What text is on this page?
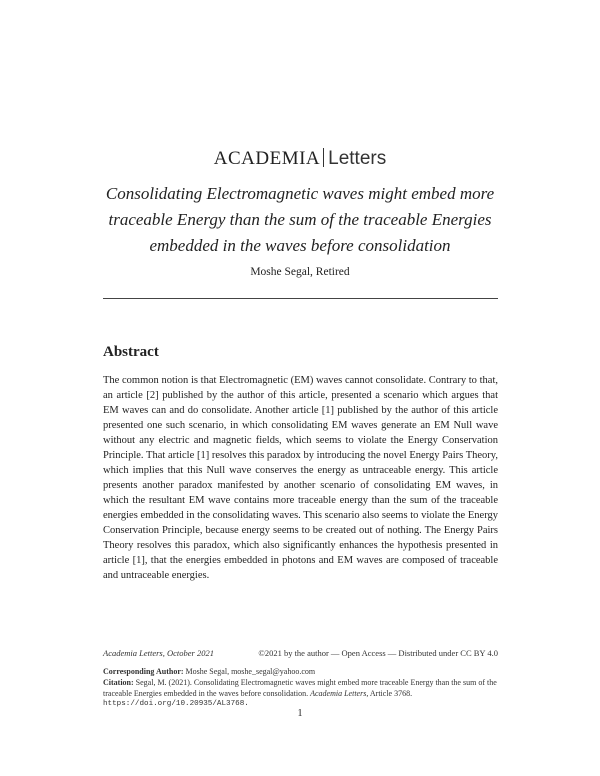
ACADEMIA Letters
Consolidating Electromagnetic waves might embed more traceable Energy than the sum of the traceable Energies embedded in the waves before consolidation
Moshe Segal, Retired
Abstract

The common notion is that Electromagnetic (EM) waves cannot consolidate. Contrary to that, an article [2] published by the author of this article, presented a scenario which argues that EM waves can and do consolidate. Another article [1] published by the author of this article presented one such scenario, in which consolidating EM waves generate an EM Null wave without any electric and magnetic fields, which seems to violate the Energy Conservation Principle. That article [1] resolves this paradox by introducing the novel Energy Pairs Theory, which implies that this Null wave conserves the energy as untraceable energy. This article presents another paradox manifested by another scenario of consolidating EM waves, in which the resultant EM wave contains more traceable energy than the sum of the traceable energies embedded in the consolidating waves. This scenario also seems to violate the Energy Conservation Principle, because energy seems to be created out of nothing. The Energy Pairs Theory resolves this paradox, which also significantly enhances the hypothesis presented in article [1], that the energies embedded in photons and EM waves are composed of traceable and untraceable energies.

Academia Letters, October 2021	©2021 by the author — Open Access — Distributed under CC BY 4.0
Corresponding Author: Moshe Segal, moshe_segal@yahoo.com
Citation: Segal, M. (2021). Consolidating Electromagnetic waves might embed more traceable Energy than the sum of the traceable Energies embedded in the waves before consolidation. Academia Letters, Article 3768.
https://doi.org/10.20935/AL3768.
1
